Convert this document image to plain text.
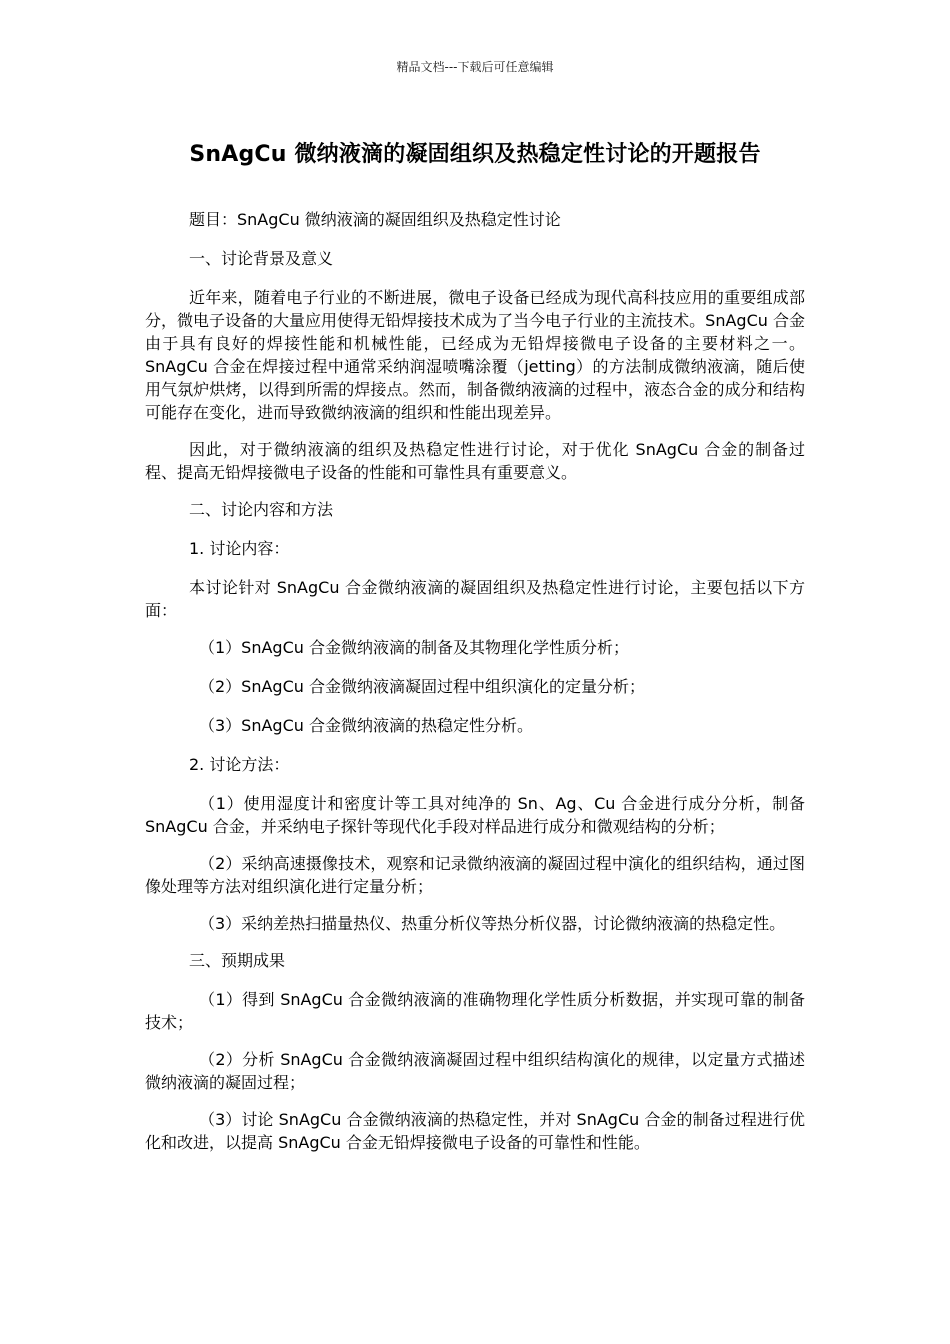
精品文档---下载后可任意编辑
SnAgCu 微纳液滴的凝固组织及热稳定性讨论的开题报告

题目：SnAgCu 微纳液滴的凝固组织及热稳定性讨论

一、讨论背景及意义

近年来，随着电子行业的不断进展，微电子设备已经成为现代高科技应用的重要组成部分，微电子设备的大量应用使得无铅焊接技术成为了当今电子行业的主流技术。SnAgCu 合金由于具有良好的焊接性能和机械性能，已经成为无铅焊接微电子设备的主要材料之一。SnAgCu 合金在焊接过程中通常采纳润湿喷嘴涂覆（jetting）的方法制成微纳液滴，随后使用气氛炉烘烤，以得到所需的焊接点。然而，制备微纳液滴的过程中，液态合金的成分和结构可能存在变化，进而导致微纳液滴的组织和性能出现差异。

因此，对于微纳液滴的组织及热稳定性进行讨论，对于优化 SnAgCu 合金的制备过程、提高无铅焊接微电子设备的性能和可靠性具有重要意义。

二、讨论内容和方法

1. 讨论内容：

本讨论针对 SnAgCu 合金微纳液滴的凝固组织及热稳定性进行讨论，主要包括以下方面：

（1）SnAgCu 合金微纳液滴的制备及其物理化学性质分析；

（2）SnAgCu 合金微纳液滴凝固过程中组织演化的定量分析；

（3）SnAgCu 合金微纳液滴的热稳定性分析。

2. 讨论方法：

（1）使用湿度计和密度计等工具对纯净的 Sn、Ag、Cu 合金进行成分分析，制备 SnAgCu 合金，并采纳电子探针等现代化手段对样品进行成分和微观结构的分析；

（2）采纳高速摄像技术，观察和记录微纳液滴的凝固过程中演化的组织结构，通过图像处理等方法对组织演化进行定量分析；

（3）采纳差热扫描量热仪、热重分析仪等热分析仪器，讨论微纳液滴的热稳定性。

三、预期成果

（1）得到 SnAgCu 合金微纳液滴的准确物理化学性质分析数据，并实现可靠的制备技术；

（2）分析 SnAgCu 合金微纳液滴凝固过程中组织结构演化的规律，以定量方式描述微纳液滴的凝固过程；

（3）讨论 SnAgCu 合金微纳液滴的热稳定性，并对 SnAgCu 合金的制备过程进行优化和改进，以提高 SnAgCu 合金无铅焊接微电子设备的可靠性和性能。
